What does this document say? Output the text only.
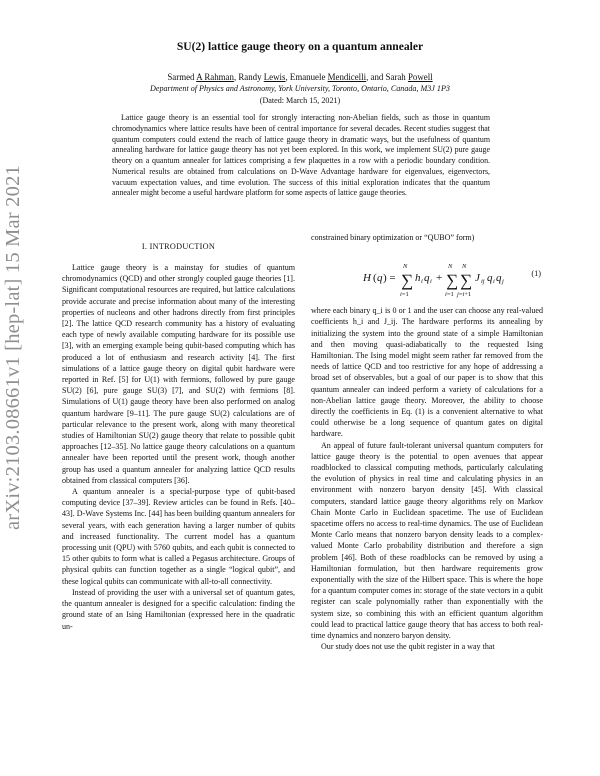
arXiv:2103.08661v1 [hep-lat] 15 Mar 2021
SU(2) lattice gauge theory on a quantum annealer
Sarmed A Rahman, Randy Lewis, Emanuele Mendicelli, and Sarah Powell
Department of Physics and Astronomy, York University, Toronto, Ontario, Canada, M3J 1P3
(Dated: March 15, 2021)
Lattice gauge theory is an essential tool for strongly interacting non-Abelian fields, such as those in quantum chromodynamics where lattice results have been of central importance for several decades. Recent studies suggest that quantum computers could extend the reach of lattice gauge theory in dramatic ways, but the usefulness of quantum annealing hardware for lattice gauge theory has not yet been explored. In this work, we implement SU(2) pure gauge theory on a quantum annealer for lattices comprising a few plaquettes in a row with a periodic boundary condition. Numerical results are obtained from calculations on D-Wave Advantage hardware for eigenvalues, eigenvectors, vacuum expectation values, and time evolution. The success of this initial exploration indicates that the quantum annealer might become a useful hardware platform for some aspects of lattice gauge theories.
I. INTRODUCTION

Lattice gauge theory is a mainstay for studies of quantum chromodynamics (QCD) and other strongly coupled gauge theories [1]. Significant computational resources are required, but lattice calculations provide accurate and precise information about many of the interesting properties of nucleons and other hadrons directly from first principles [2]. The lattice QCD research community has a history of evaluating each type of newly available computing hardware for its possible use [3], with an emerging example being qubit-based computing which has produced a lot of enthusiasm and research activity [4]. The first simulations of a lattice gauge theory on digital qubit hardware were reported in Ref. [5] for U(1) with fermions, followed by pure gauge SU(2) [6], pure gauge SU(3) [7], and SU(2) with fermions [8]. Simulations of U(1) gauge theory have been also performed on analog quantum hardware [9–11]. The pure gauge SU(2) calculations are of particular relevance to the present work, along with many theoretical studies of Hamiltonian SU(2) gauge theory that relate to possible qubit approaches [12–35]. No lattice gauge theory calculations on a quantum annealer have been reported until the present work, though another group has used a quantum annealer for analyzing lattice QCD results obtained from classical computers [36].

A quantum annealer is a special-purpose type of qubit-based computing device [37–39]. Review articles can be found in Refs. [40–43]. D-Wave Systems Inc. [44] has been building quantum annealers for several years, with each generation having a larger number of qubits and increased functionality. The current model has a quantum processing unit (QPU) with 5760 qubits, and each qubit is connected to 15 other qubits to form what is called a Pegasus architecture. Groups of physical qubits can function together as a single “logical qubit”, and these logical qubits can communicate with all-to-all connectivity.

Instead of providing the user with a universal set of quantum gates, the quantum annealer is designed for a specific calculation: finding the ground state of an Ising Hamiltonian (expressed here in the quadratic un-

constrained binary optimization or “QUBO” form)

H ( q ) = ∑
N
i=1
h i q i + ∑
N
i=1
∑
N
j=i+1
J ij q i q j
(1)

where each binary q_i is 0 or 1 and the user can choose any real-valued coefficients h_i and J_ij. The hardware performs its annealing by initializing the system into the ground state of a simple Hamiltonian and then moving quasi-adiabatically to the requested Ising Hamiltonian. The Ising model might seem rather far removed from the needs of lattice QCD and too restrictive for any hope of addressing a broad set of observables, but a goal of our paper is to show that this quantum annealer can indeed perform a variety of calculations for a non-Abelian lattice gauge theory. Moreover, the ability to choose directly the coefficients in Eq. (1) is a convenient alternative to what could otherwise be a long sequence of quantum gates on digital hardware.

An appeal of future fault-tolerant universal quantum computers for lattice gauge theory is the potential to open avenues that appear roadblocked to classical computing methods, particularly calculating the evolution of physics in real time and calculating physics in an environment with nonzero baryon density [45]. With classical computers, standard lattice gauge theory algorithms rely on Markov Chain Monte Carlo in Euclidean spacetime. The use of Euclidean spacetime offers no access to real-time dynamics. The use of Euclidean Monte Carlo means that nonzero baryon density leads to a complex-valued Monte Carlo probability distribution and therefore a sign problem [46]. Both of these roadblocks can be removed by using a Hamiltonian formulation, but then hardware requirements grow exponentially with the size of the Hilbert space. This is where the hope for a quantum computer comes in: storage of the state vectors in a qubit register can scale polynomially rather than exponentially with the system size, so combining this with an efficient quantum algorithm could lead to practical lattice gauge theory that has access to both real-time dynamics and nonzero baryon density.

Our study does not use the qubit register in a way that
